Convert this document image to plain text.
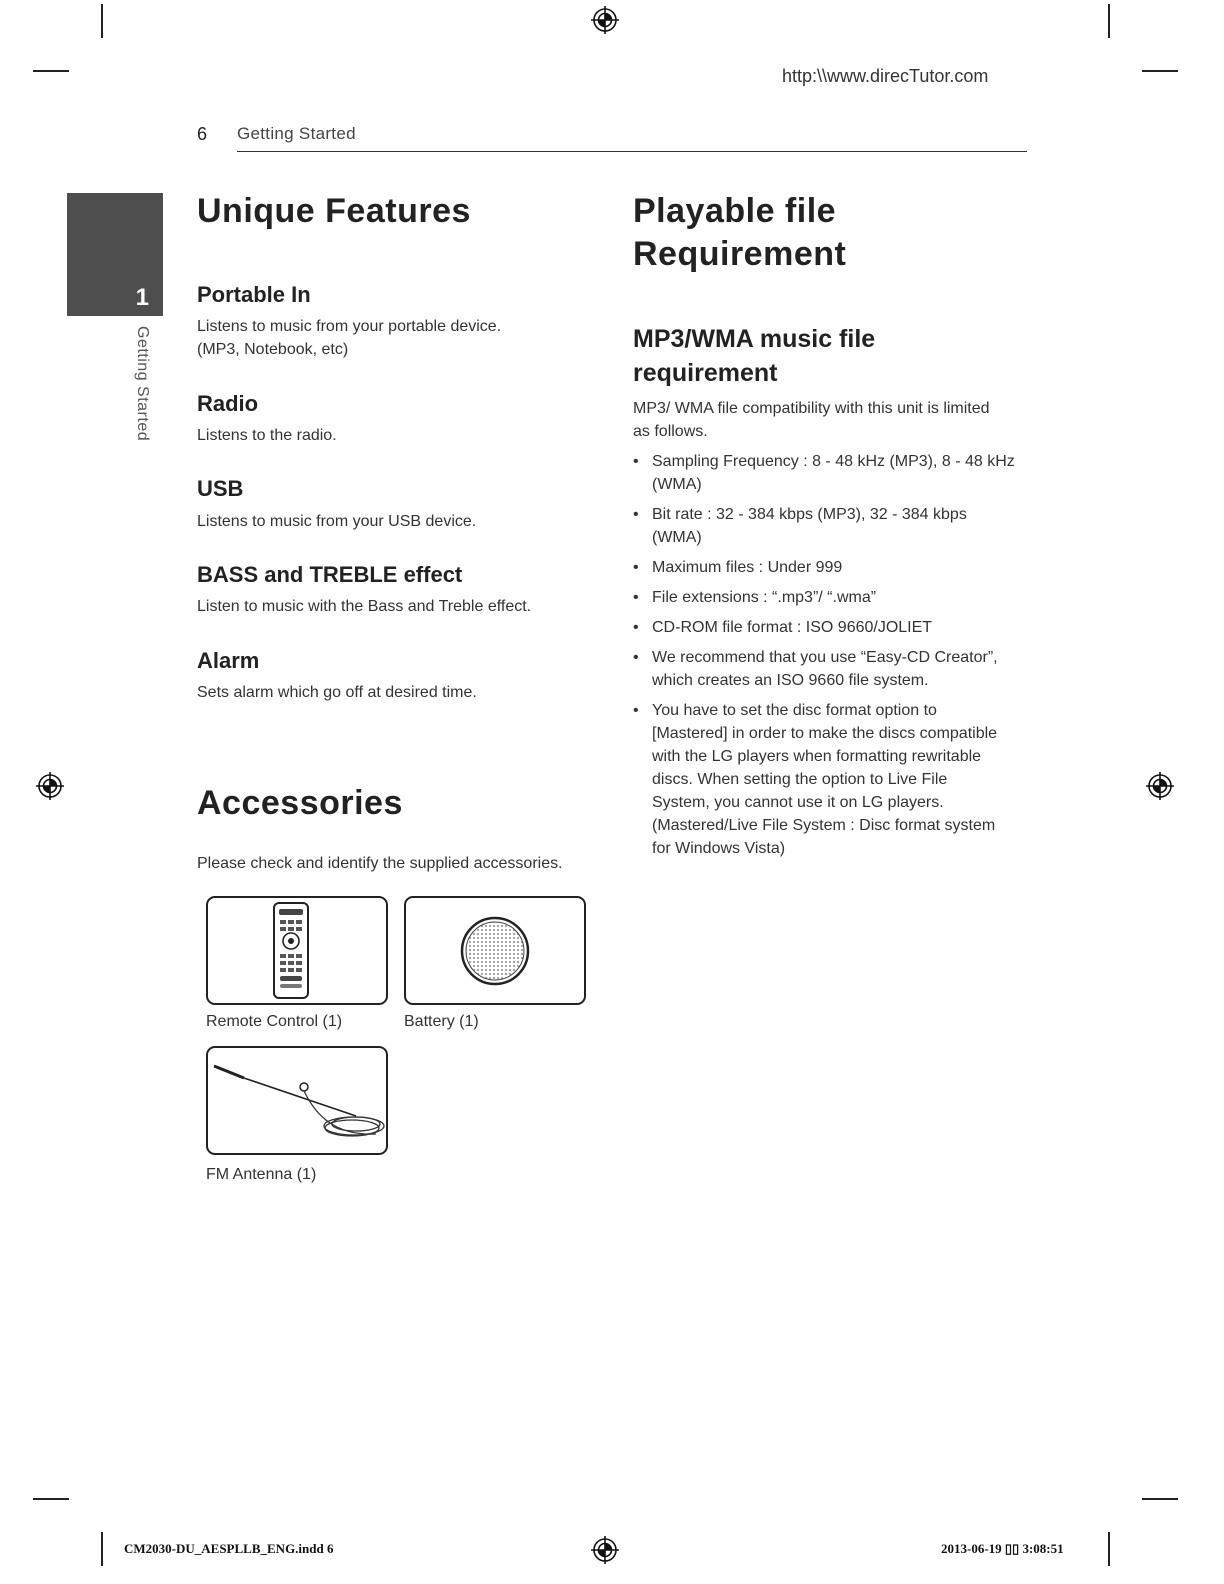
http:\\www.direcTutor.com
6 Getting Started
1
Getting Started
Unique Features
Portable In
Listens to music from your portable device.
(MP3, Notebook, etc)
Radio
Listens to the radio.
USB
Listens to music from your USB device.
BASS and TREBLE effect
Listen to music with the Bass and Treble effect.
Alarm
Sets alarm which go off at desired time.
Accessories
Please check and identify the supplied accessories.
Remote Control (1)	Battery (1)
FM Antenna (1)
Playable file
Requirement
MP3/WMA music file
requirement
MP3/ WMA file compatibility with this unit is limited
as follows.
• Sampling Frequency : 8 - 48 kHz (MP3), 8 - 48 kHz
(WMA)
• Bit rate : 32 - 384 kbps (MP3), 32 - 384 kbps
(WMA)
• Maximum files : Under 999
• File extensions : “.mp3”/ “.wma”
• CD-ROM file format : ISO 9660/JOLIET
• We recommend that you use “Easy-CD Creator”,
which creates an ISO 9660 file system.
• You have to set the disc format option to
[Mastered] in order to make the discs compatible
with the LG players when formatting rewritable
discs. When setting the option to Live File
System, you cannot use it on LG players.
(Mastered/Live File System : Disc format system
for Windows Vista)
CM2030-DU_AESPLLB_ENG.indd 6	2013-06-19 ▯▯ 3:08:51
